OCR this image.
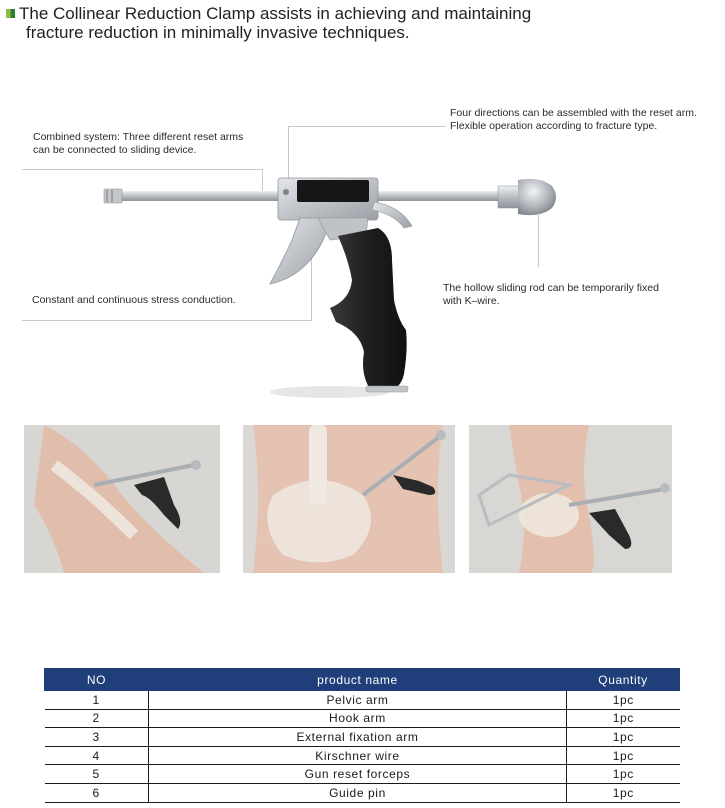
The Collinear Reduction Clamp assists in achieving and maintaining
fracture reduction in minimally invasive techniques.
Combined system: Three different reset arms
can be connected to sliding device.
Four directions can be assembled with the reset arm.
Flexible operation according to fracture type.
The hollow sliding rod can be temporarily fixed
with K–wire.
Constant and continuous stress conduction.
NO	product name	Quantity
1	Pelvic arm	1pc
2	Hook arm	1pc
3	External fixation arm	1pc
4	Kirschner wire	1pc
5	Gun reset forceps	1pc
6	Guide pin	1pc
